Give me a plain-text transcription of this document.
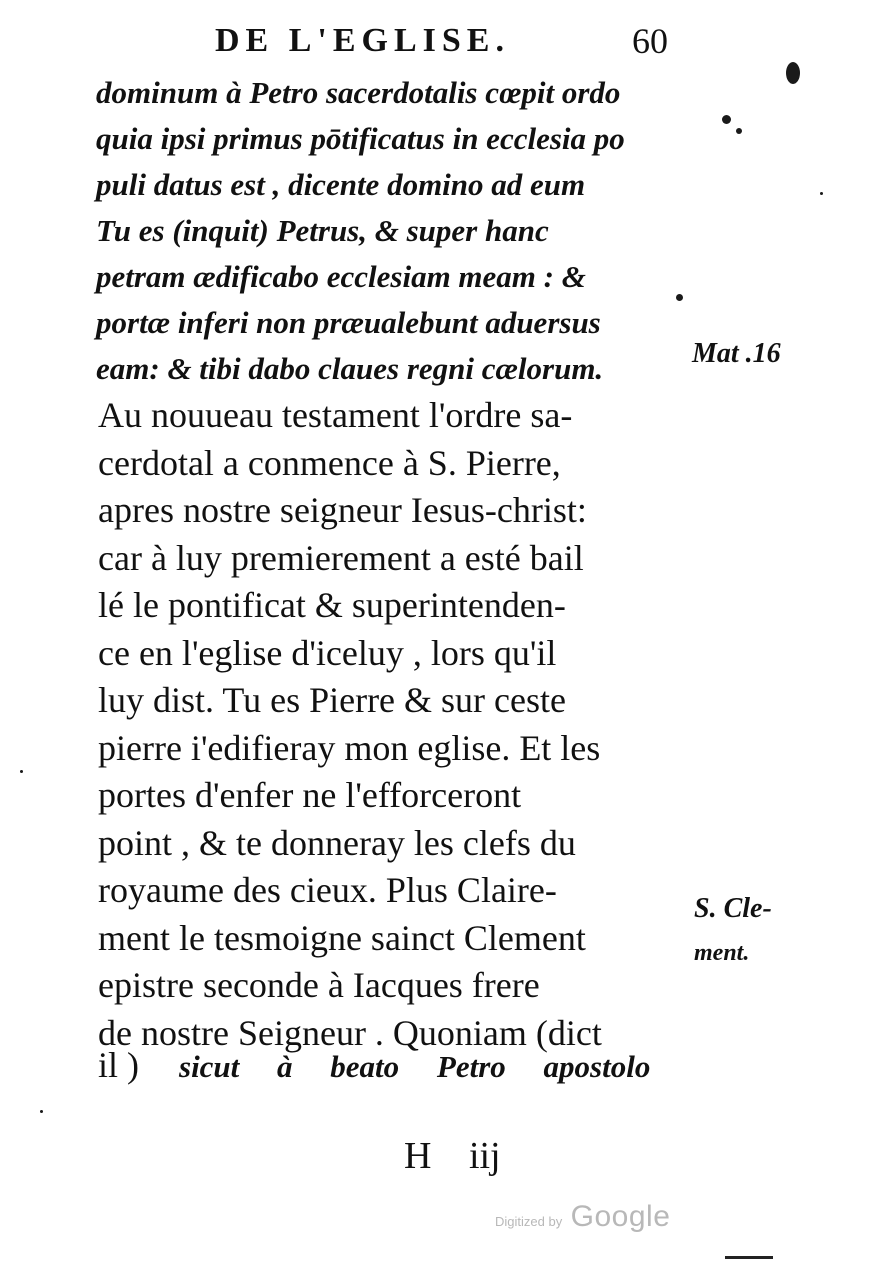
DE L'EGLISE.	60
dominum à Petro sacerdotalis cœpit ordo
quia ipsi primus pōtificatus in ecclesia po
puli datus est , dicente domino ad eum
Tu es (inquit) Petrus, & super hanc
petram ædificabo ecclesiam meam : &
portæ inferi non præualebunt aduersus
eam: & tibi dabo claues regni cælorum.
Au nouueau testament l'ordre sa-
cerdotal a conmence à S. Pierre,
apres nostre seigneur Iesus-christ:
car à luy premierement a esté bail
lé le pontificat & superintenden-
ce en l'eglise d'iceluy , lors qu'il
luy dist. Tu es Pierre & sur ceste
pierre i'edifieray mon eglise. Et les
portes d'enfer ne l'efforceront
point , & te donneray les clefs du
royaume des cieux. Plus Claire-
ment le tesmoigne sainct Clement
epistre seconde à Iacques frere
de nostre Seigneur . Quoniam (dict
il ) sicut à beato Petro apostolo
Mat .16
S. Cle-
ment.
H iij
Digitized by Google
